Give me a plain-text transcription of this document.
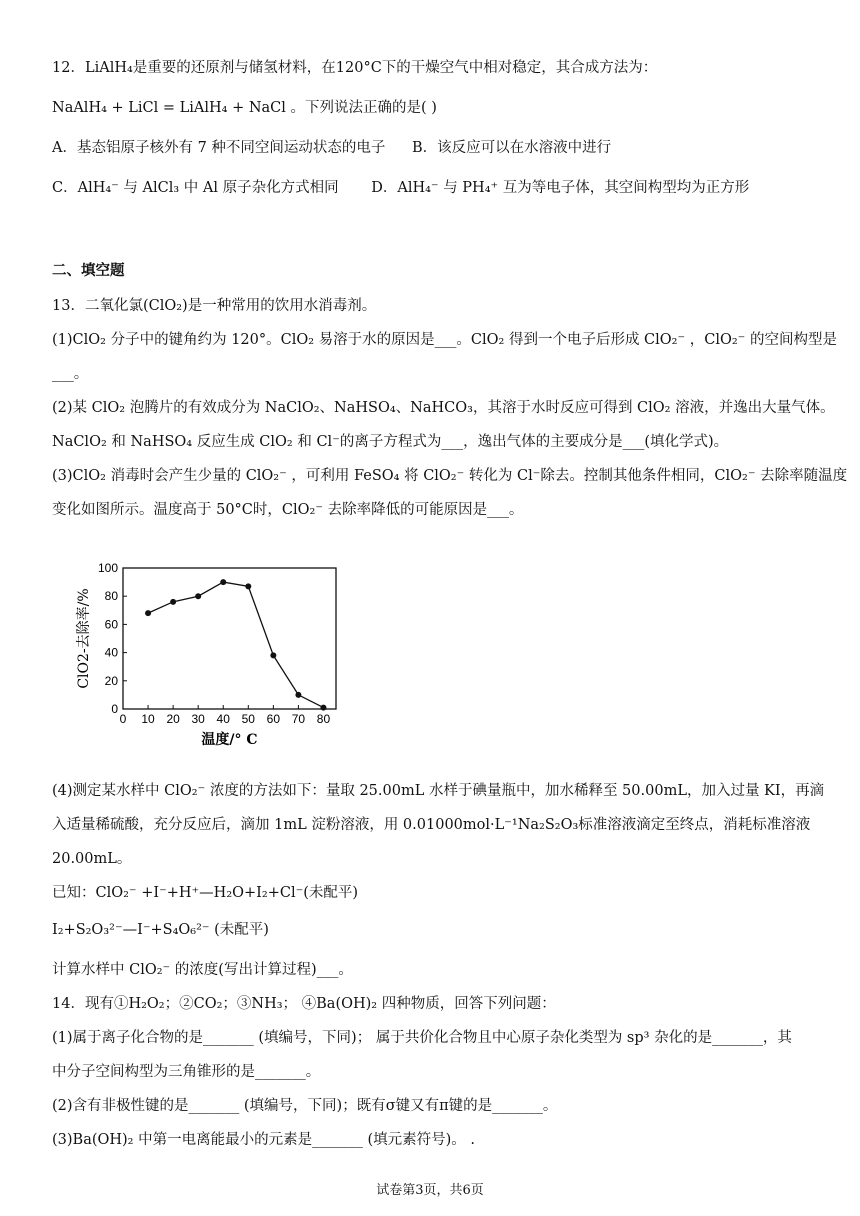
12．LiAlH₄是重要的还原剂与储氢材料，在120°C下的干燥空气中相对稳定，其合成方法为：
NaAlH₄ + LiCl = LiAlH₄ + NaCl 。下列说法正确的是( )
A．基态铝原子核外有 7 种不同空间运动状态的电子 B．该反应可以在水溶液中进行
C．AlH₄⁻ 与 AlCl₃ 中 Al 原子杂化方式相同 D．AlH₄⁻ 与 PH₄⁺ 互为等电子体，其空间构型均为正方形
二、填空题
13．二氧化氯(ClO₂)是一种常用的饮用水消毒剂。
(1)ClO₂ 分子中的键角约为 120°。ClO₂ 易溶于水的原因是___。ClO₂ 得到一个电子后形成 ClO₂⁻ ，ClO₂⁻ 的空间构型是
___。
(2)某 ClO₂ 泡腾片的有效成分为 NaClO₂、NaHSO₄、NaHCO₃，其溶于水时反应可得到 ClO₂ 溶液，并逸出大量气体。
NaClO₂ 和 NaHSO₄ 反应生成 ClO₂ 和 Cl⁻的离子方程式为___，逸出气体的主要成分是___(填化学式)。
(3)ClO₂ 消毒时会产生少量的 ClO₂⁻ ，可利用 FeSO₄ 将 ClO₂⁻ 转化为 Cl⁻除去。控制其他条件相同，ClO₂⁻ 去除率随温度
变化如图所示。温度高于 50°C时，ClO₂⁻ 去除率降低的可能原因是___。
0
20
40
60
80
100
0 10 20 30 40 50 60 70 80
温度/° C
ClO2-去除率/%
(4)测定某水样中 ClO₂⁻ 浓度的方法如下：量取 25.00mL 水样于碘量瓶中，加水稀释至 50.00mL，加入过量 KI，再滴
入适量稀硫酸，充分反应后，滴加 1mL 淀粉溶液，用 0.01000mol·L⁻¹Na₂S₂O₃标准溶液滴定至终点，消耗标准溶液
20.00mL。
已知：ClO₂⁻ +I⁻+H⁺—H₂O+I₂+Cl⁻(未配平)
I₂+S₂O₃²⁻—I⁻+S₄O₆²⁻ (未配平)
计算水样中 ClO₂⁻ 的浓度(写出计算过程)___。
14．现有①H₂O₂；②CO₂；③NH₃； ④Ba(OH)₂ 四种物质，回答下列问题：
(1)属于离子化合物的是_______ (填编号，下同)； 属于共价化合物且中心原子杂化类型为 sp³ 杂化的是_______，其
中分子空间构型为三角锥形的是_______。
(2)含有非极性键的是_______ (填编号，下同)；既有σ键又有π键的是_______。
(3)Ba(OH)₂ 中第一电离能最小的元素是_______ (填元素符号)。 .
试卷第3页，共6页
